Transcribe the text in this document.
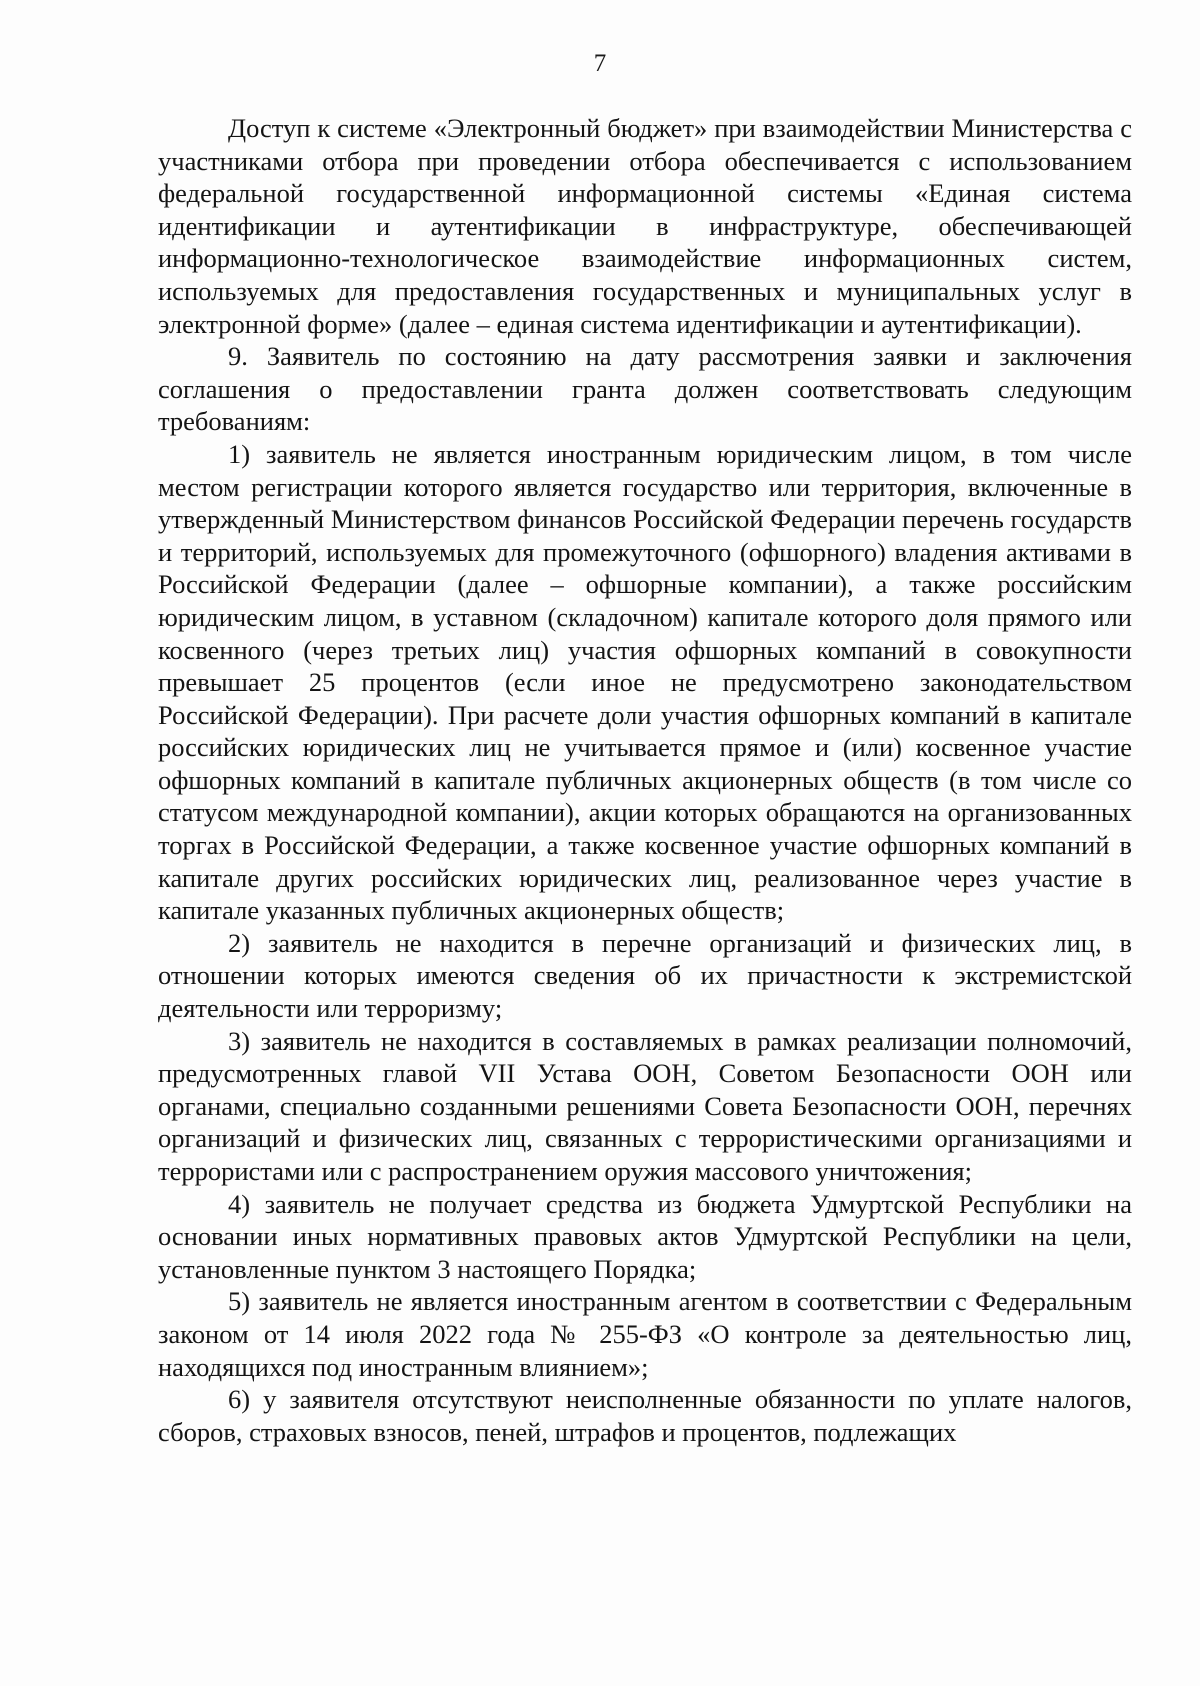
7

Доступ к системе «Электронный бюджет» при взаимодействии Министерства с участниками отбора при проведении отбора обеспечивается с использованием федеральной государственной информационной системы «Единая система идентификации и аутентификации в инфраструктуре, обеспечивающей информационно-технологическое взаимодействие информационных систем, используемых для предоставления государственных и муниципальных услуг в электронной форме» (далее – единая система идентификации и аутентификации).

9. Заявитель по состоянию на дату рассмотрения заявки и заключения соглашения о предоставлении гранта должен соответствовать следующим требованиям:

1) заявитель не является иностранным юридическим лицом, в том числе местом регистрации которого является государство или территория, включенные в утвержденный Министерством финансов Российской Федерации перечень государств и территорий, используемых для промежуточного (офшорного) владения активами в Российской Федерации (далее – офшорные компании), а также российским юридическим лицом, в уставном (складочном) капитале которого доля прямого или косвенного (через третьих лиц) участия офшорных компаний в совокупности превышает 25 процентов (если иное не предусмотрено законодательством Российской Федерации). При расчете доли участия офшорных компаний в капитале российских юридических лиц не учитывается прямое и (или) косвенное участие офшорных компаний в капитале публичных акционерных обществ (в том числе со статусом международной компании), акции которых обращаются на организованных торгах в Российской Федерации, а также косвенное участие офшорных компаний в капитале других российских юридических лиц, реализованное через участие в капитале указанных публичных акционерных обществ;

2) заявитель не находится в перечне организаций и физических лиц, в отношении которых имеются сведения об их причастности к экстремистской деятельности или терроризму;

3) заявитель не находится в составляемых в рамках реализации полномочий, предусмотренных главой VII Устава ООН, Советом Безопасности ООН или органами, специально созданными решениями Совета Безопасности ООН, перечнях организаций и физических лиц, связанных с террористическими организациями и террористами или с распространением оружия массового уничтожения;

4) заявитель не получает средства из бюджета Удмуртской Республики на основании иных нормативных правовых актов Удмуртской Республики на цели, установленные пунктом 3 настоящего Порядка;

5) заявитель не является иностранным агентом в соответствии с Федеральным законом от 14 июля 2022 года № 255-ФЗ «О контроле за деятельностью лиц, находящихся под иностранным влиянием»;

6) у заявителя отсутствуют неисполненные обязанности по уплате налогов, сборов, страховых взносов, пеней, штрафов и процентов, подлежащих
